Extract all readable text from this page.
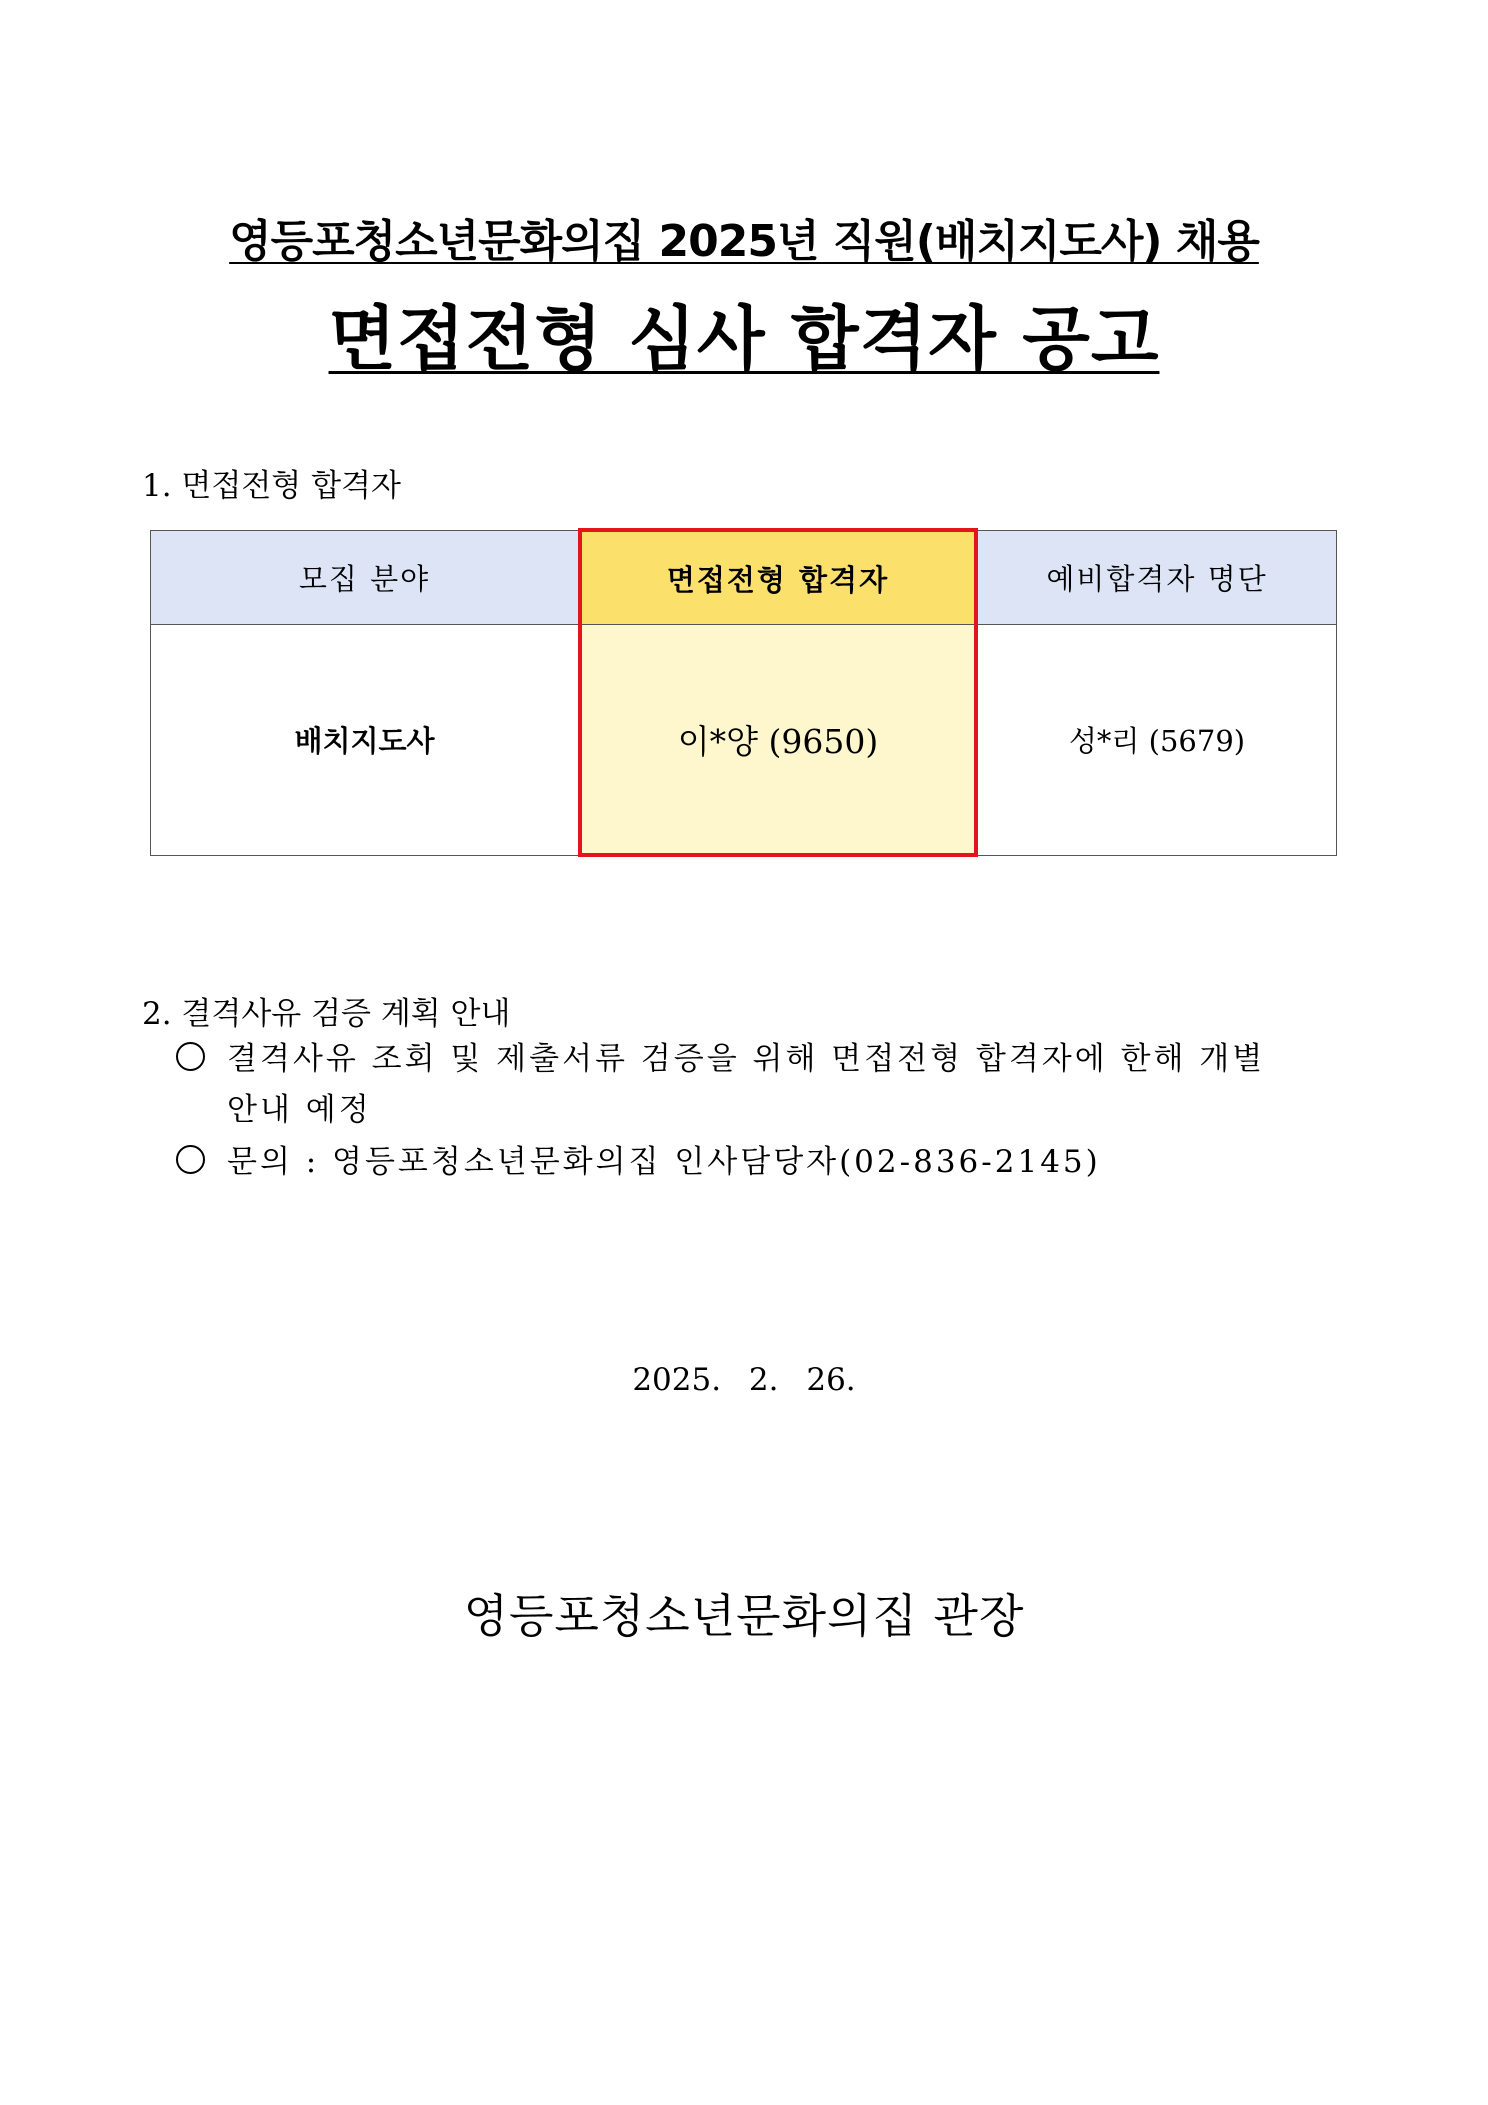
영등포청소년문화의집 2025년 직원(배치지도사) 채용
면접전형 심사 합격자 공고
1. 면접전형 합격자
모집 분야	면접전형 합격자	예비합격자 명단
배치지도사	이*양 (9650)	성*리 (5679)
2. 결격사유 검증 계획 안내
결격사유 조회 및 제출서류 검증을 위해 면접전형 합격자에 한해 개별
안내 예정
문의 : 영등포청소년문화의집 인사담당자(02-836-2145)
2025. 2. 26.
영등포청소년문화의집 관장
